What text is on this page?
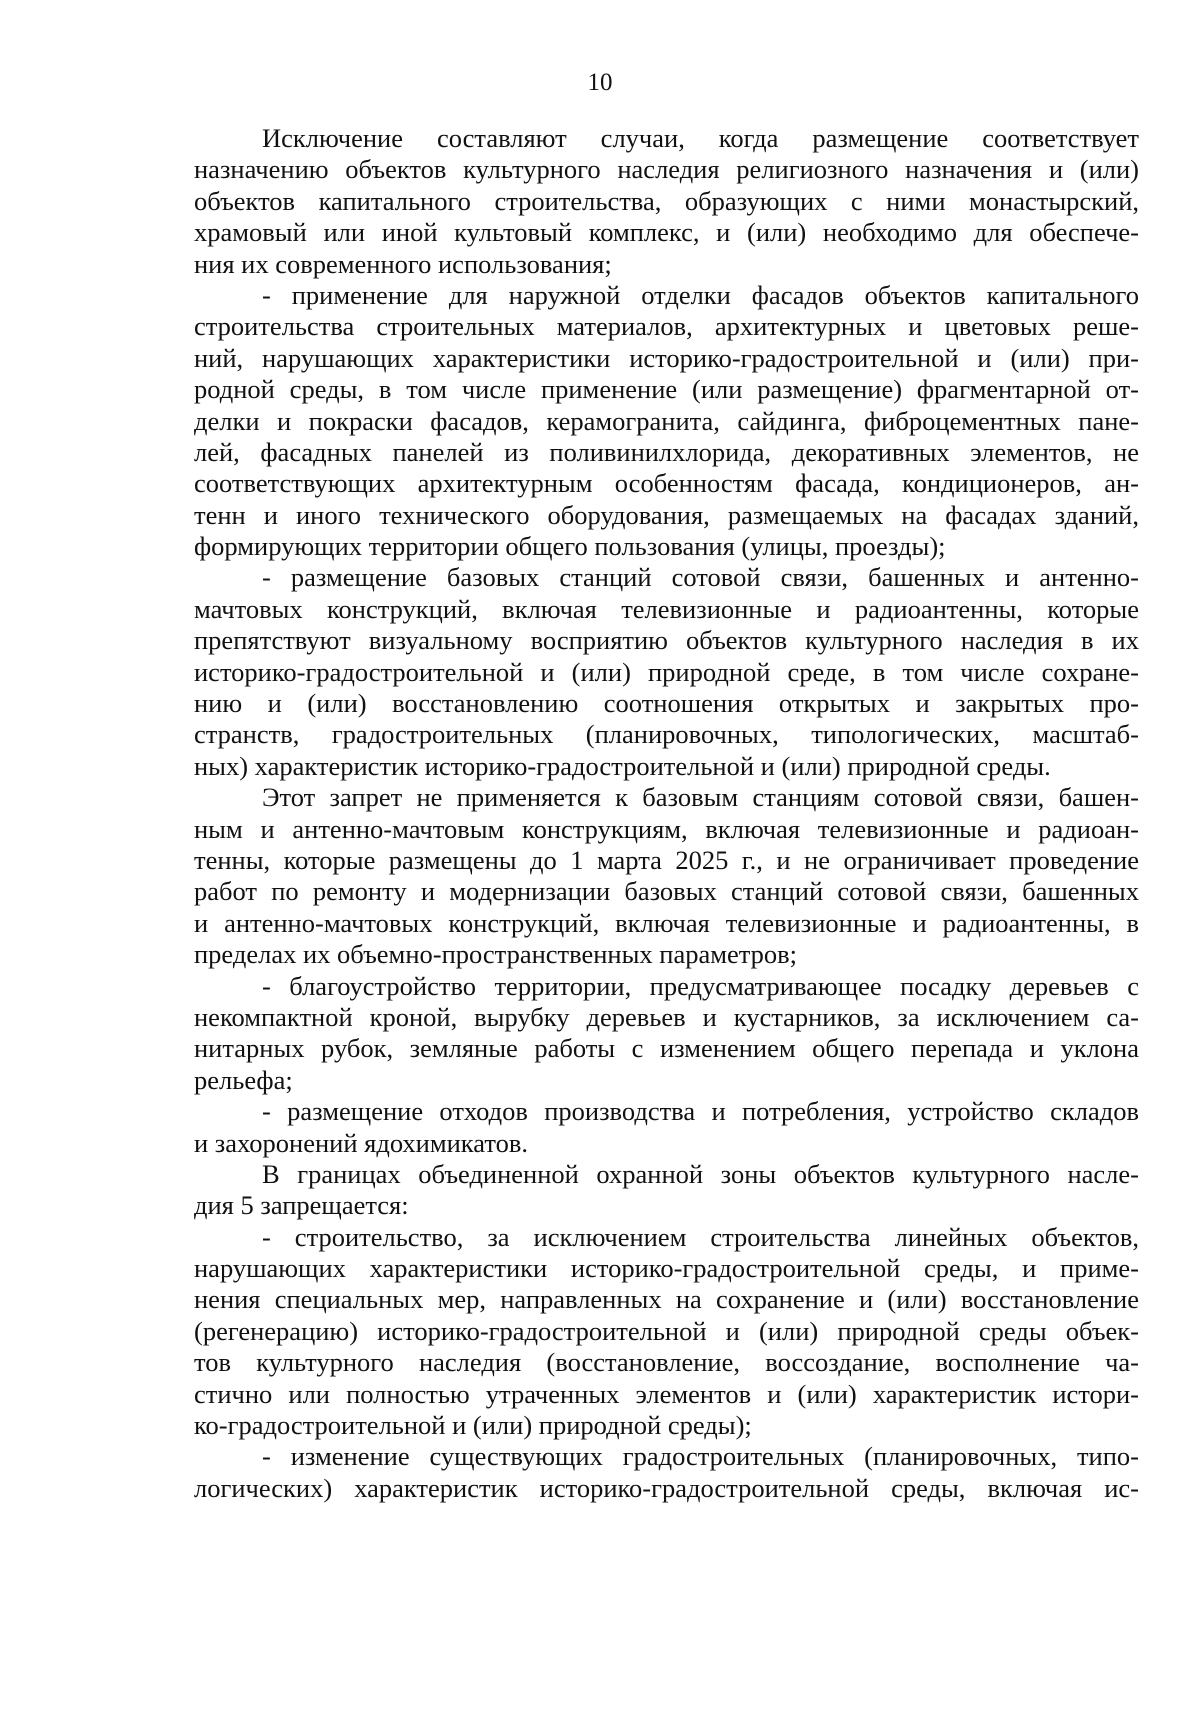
10
Исключение составляют случаи, когда размещение соответствует
назначению объектов культурного наследия религиозного назначения и (или)
объектов капитального строительства, образующих с ними монастырский,
храмовый или иной культовый комплекс, и (или) необходимо для обеспече-
ния их современного использования;
- применение для наружной отделки фасадов объектов капитального
строительства строительных материалов, архитектурных и цветовых реше-
ний, нарушающих характеристики историко-градостроительной и (или) при-
родной среды, в том числе применение (или размещение) фрагментарной от-
делки и покраски фасадов, керамогранита, сайдинга, фиброцементных пане-
лей, фасадных панелей из поливинилхлорида, декоративных элементов, не
соответствующих архитектурным особенностям фасада, кондиционеров, ан-
тенн и иного технического оборудования, размещаемых на фасадах зданий,
формирующих территории общего пользования (улицы, проезды);
- размещение базовых станций сотовой связи, башенных и антенно-
мачтовых конструкций, включая телевизионные и радиоантенны, которые
препятствуют визуальному восприятию объектов культурного наследия в их
историко-градостроительной и (или) природной среде, в том числе сохране-
нию и (или) восстановлению соотношения открытых и закрытых про-
странств, градостроительных (планировочных, типологических, масштаб-
ных) характеристик историко-градостроительной и (или) природной среды.
Этот запрет не применяется к базовым станциям сотовой связи, башен-
ным и антенно-мачтовым конструкциям, включая телевизионные и радиоан-
тенны, которые размещены до 1 марта 2025 г., и не ограничивает проведение
работ по ремонту и модернизации базовых станций сотовой связи, башенных
и антенно-мачтовых конструкций, включая телевизионные и радиоантенны, в
пределах их объемно-пространственных параметров;
- благоустройство территории, предусматривающее посадку деревьев с
некомпактной кроной, вырубку деревьев и кустарников, за исключением са-
нитарных рубок, земляные работы с изменением общего перепада и уклона
рельефа;
- размещение отходов производства и потребления, устройство складов
и захоронений ядохимикатов.
В границах объединенной охранной зоны объектов культурного насле-
дия 5 запрещается:
- строительство, за исключением строительства линейных объектов,
нарушающих характеристики историко-градостроительной среды, и приме-
нения специальных мер, направленных на сохранение и (или) восстановление
(регенерацию) историко-градостроительной и (или) природной среды объек-
тов культурного наследия (восстановление, воссоздание, восполнение ча-
стично или полностью утраченных элементов и (или) характеристик истори-
ко-градостроительной и (или) природной среды);
- изменение существующих градостроительных (планировочных, типо-
логических) характеристик историко-градостроительной среды, включая ис-
